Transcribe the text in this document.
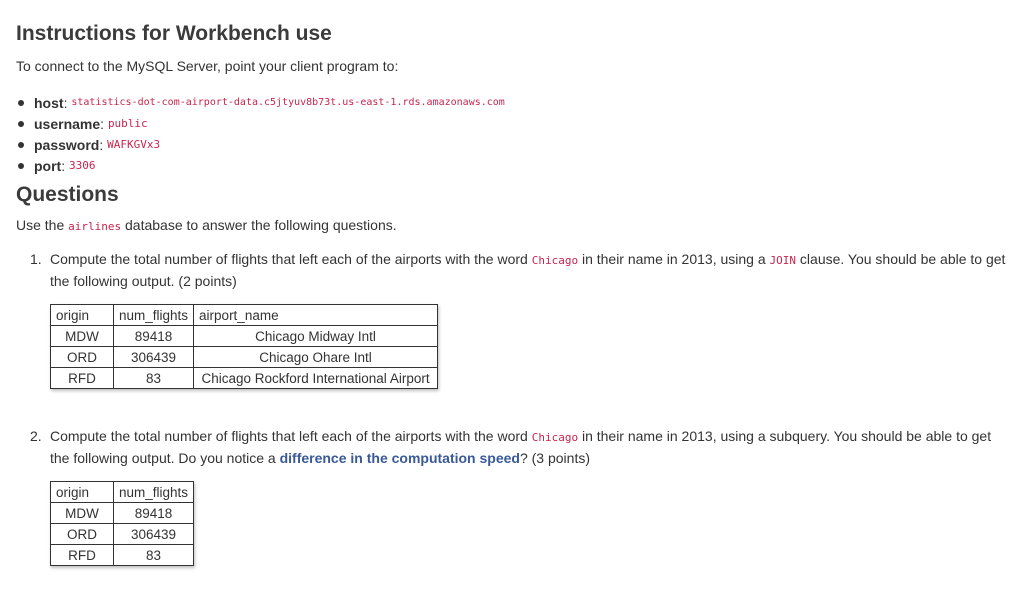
Instructions for Workbench use

To connect to the MySQL Server, point your client program to:

host : statistics-dot-com-airport-data.c5jtyuv8b73t.us-east-1.rds.amazonaws.com
username : public
password : WAFKGVx3
port : 3306
Questions

Use the airlines database to answer the following questions.

1. Compute the total number of flights that left each of the airports with the word Chicago in their name in 2013, using a JOIN clause. You should be able to get the following output. (2 points)
origin	num_flights	airport_name
MDW	89418	Chicago Midway Intl
ORD	306439	Chicago Ohare Intl
RFD	83	Chicago Rockford International Airport
2. Compute the total number of flights that left each of the airports with the word Chicago in their name in 2013, using a subquery. You should be able to get the following output. Do you notice a difference in the computation speed? (3 points)
origin	num_flights
MDW	89418
ORD	306439
RFD	83
